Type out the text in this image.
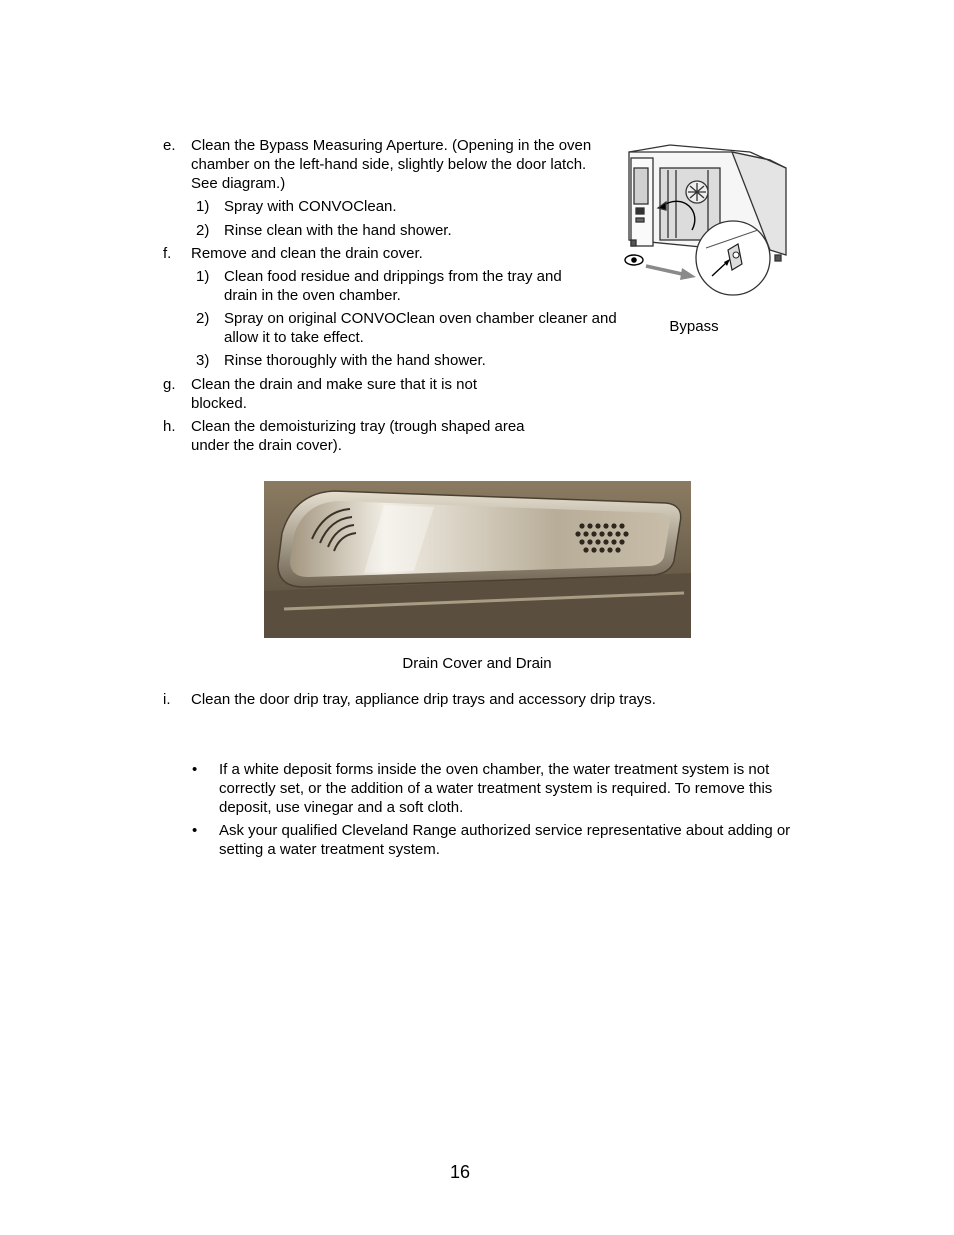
e. Clean the Bypass Measuring Aperture. (Opening in the oven
chamber on the left-hand side, slightly below the door latch.
See diagram.)
1) Spray with CONVOClean.
2) Rinse clean with the hand shower.
f. Remove and clean the drain cover.
1) Clean food residue and drippings from the tray and
drain in the oven chamber.
2) Spray on original CONVOClean oven chamber cleaner and
allow it to take effect.
3) Rinse thoroughly with the hand shower.
g. Clean the drain and make sure that it is not
blocked.
h. Clean the demoisturizing tray (trough shaped area
under the drain cover).
Bypass
Drain Cover and Drain
i. Clean the door drip tray, appliance drip trays and accessory drip trays.
• If a white deposit forms inside the oven chamber, the water treatment system is not
correctly set, or the addition of a water treatment system is required. To remove this
deposit, use vinegar and a soft cloth.
• Ask your qualified Cleveland Range authorized service representative about adding or
setting a water treatment system.
16
